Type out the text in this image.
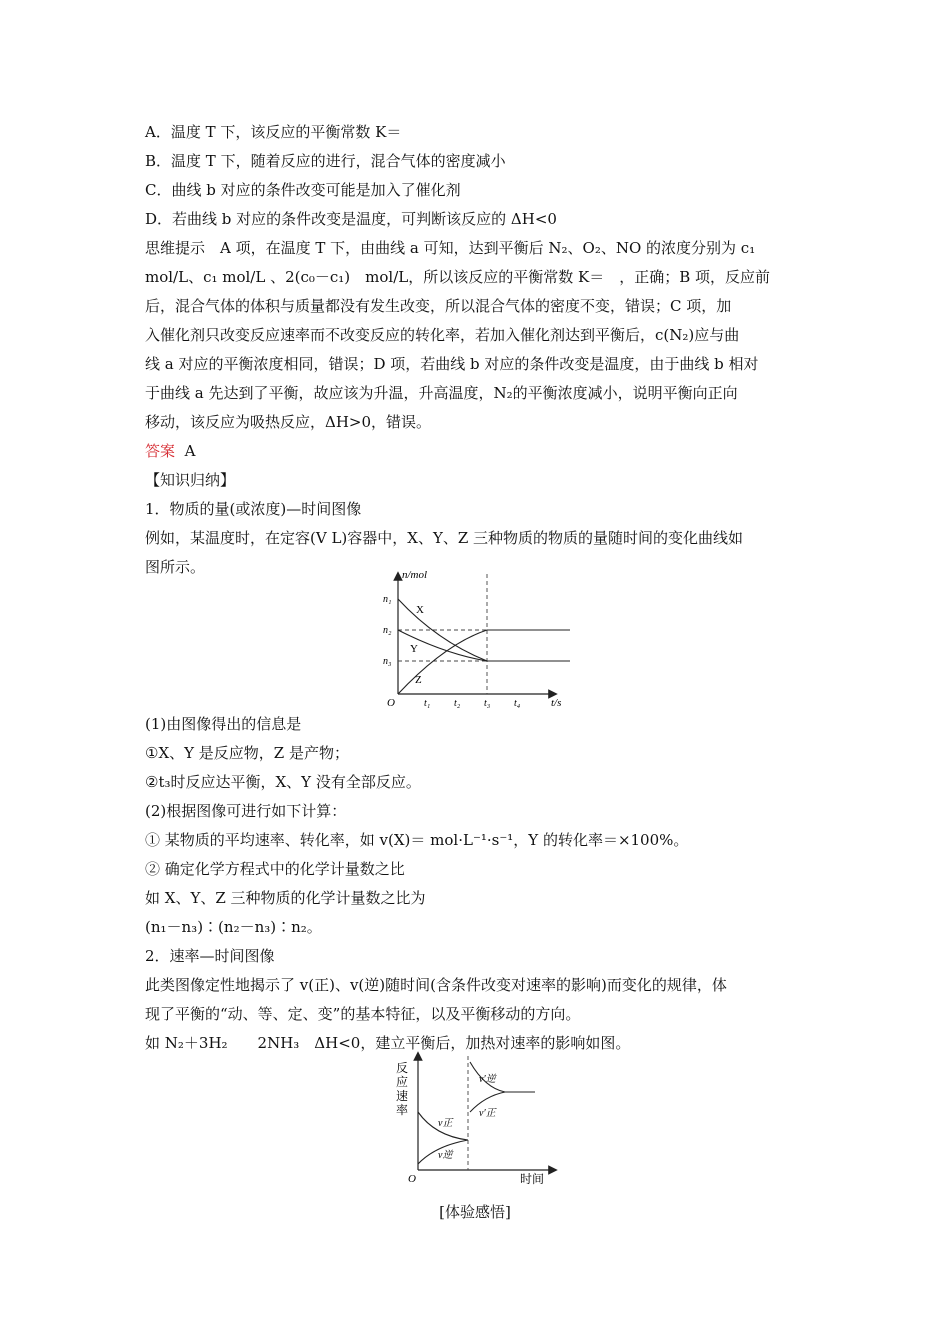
A．温度 T 下，该反应的平衡常数 K＝
B．温度 T 下，随着反应的进行，混合气体的密度减小
C．曲线 b 对应的条件改变可能是加入了催化剂
D．若曲线 b 对应的条件改变是温度，可判断该反应的 ΔH<0
思维提示　A 项，在温度 T 下，由曲线 a 可知，达到平衡后 N₂、O₂、NO 的浓度分别为 c₁
mol/L、c₁ mol/L 、2(c₀－c₁)　mol/L，所以该反应的平衡常数 K＝　，正确；B 项，反应前
后，混合气体的体积与质量都没有发生改变，所以混合气体的密度不变，错误；C 项，加
入催化剂只改变反应速率而不改变反应的转化率，若加入催化剂达到平衡后，c(N₂)应与曲
线 a 对应的平衡浓度相同，错误；D 项，若曲线 b 对应的条件改变是温度，由于曲线 b 相对
于曲线 a 先达到了平衡，故应该为升温，升高温度，N₂的平衡浓度减小，说明平衡向正向
移动，该反应为吸热反应，ΔH>0，错误。
答案 A
【知识归纳】
1．物质的量(或浓度)—时间图像
例如，某温度时，在定容(V L)容器中，X、Y、Z 三种物质的物质的量随时间的变化曲线如
图所示。	n/mol
t/s
O
n₁
n₂
n₃
t₁ t₂ t₃ t₄
X
Y
Z
(1)由图像得出的信息是
①X、Y 是反应物，Z 是产物；
②t₃时反应达平衡，X、Y 没有全部反应。
(2)根据图像可进行如下计算：
① 某物质的平均速率、转化率，如 v(X)＝ mol·L⁻¹·s⁻¹，Y 的转化率＝×100%。
② 确定化学方程式中的化学计量数之比
如 X、Y、Z 三种物质的化学计量数之比为
(n₁－n₃)∶(n₂－n₃)∶n₂。
2．速率—时间图像
此类图像定性地揭示了 v(正)、v(逆)随时间(含条件改变对速率的影响)而变化的规律，体
现了平衡的“动、等、定、变”的基本特征，以及平衡移动的方向。
如 N₂＋3H₂　　2NH₃　ΔH<0，建立平衡后，加热对速率的影响如图。
反
应
速
率
时间
O
v正
v逆
v′逆
v′正
[体验感悟]
